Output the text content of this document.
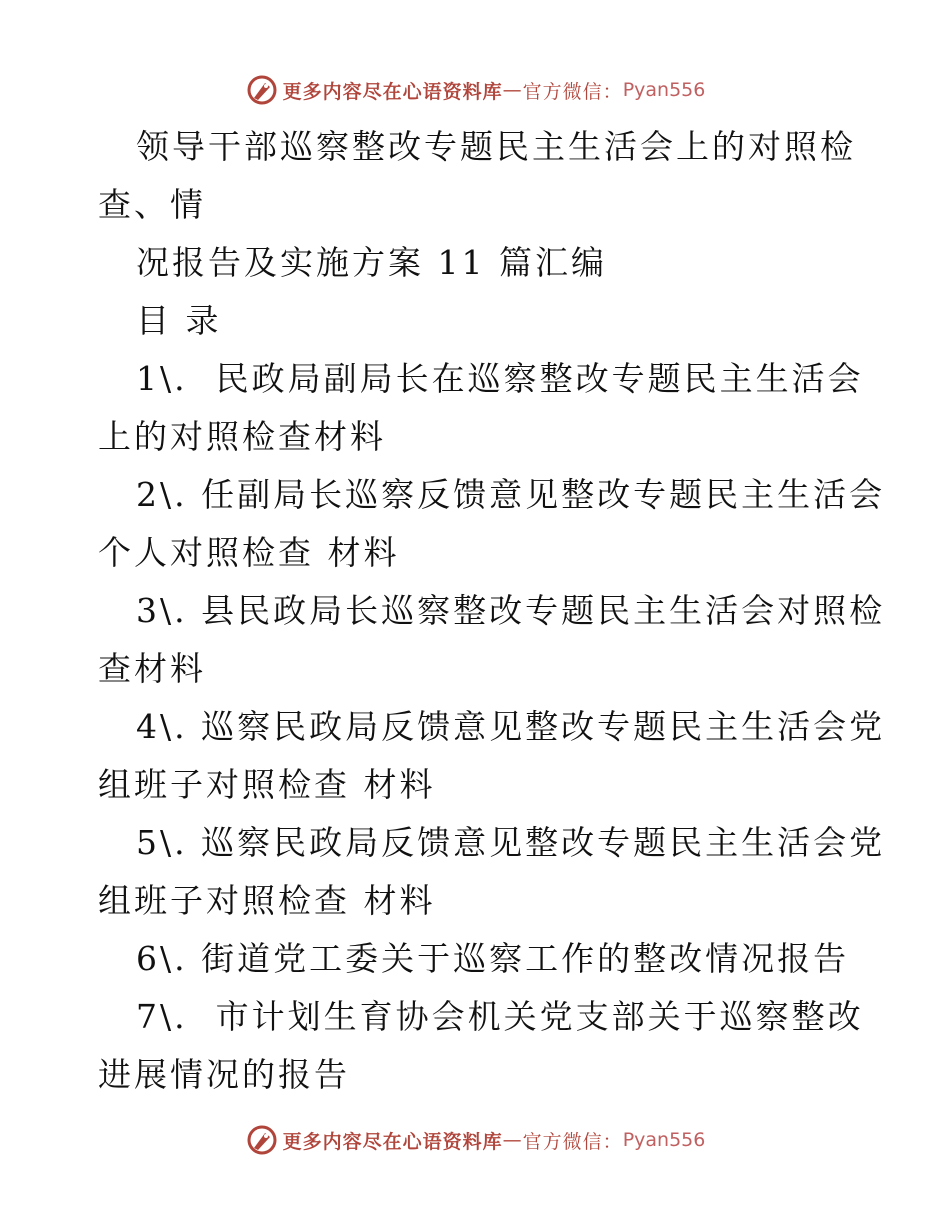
更多内容尽在心语资料库 — 官方微信： Pyan556
领导干部巡察整改专题民主生活会上的对照检
查、情
况报告及实施方案 11 篇汇编
目 录
1\. 民政局副局长在巡察整改专题民主生活会
上的对照检查材料
2\. 任副局长巡察反馈意见整改专题民主生活会
个人对照检查 材料
3\. 县民政局长巡察整改专题民主生活会对照检
查材料
4\. 巡察民政局反馈意见整改专题民主生活会党
组班子对照检查 材料
5\. 巡察民政局反馈意见整改专题民主生活会党
组班子对照检查 材料
6\. 街道党工委关于巡察工作的整改情况报告
7\. 市计划生育协会机关党支部关于巡察整改
进展情况的报告
更多内容尽在心语资料库 — 官方微信： Pyan556
